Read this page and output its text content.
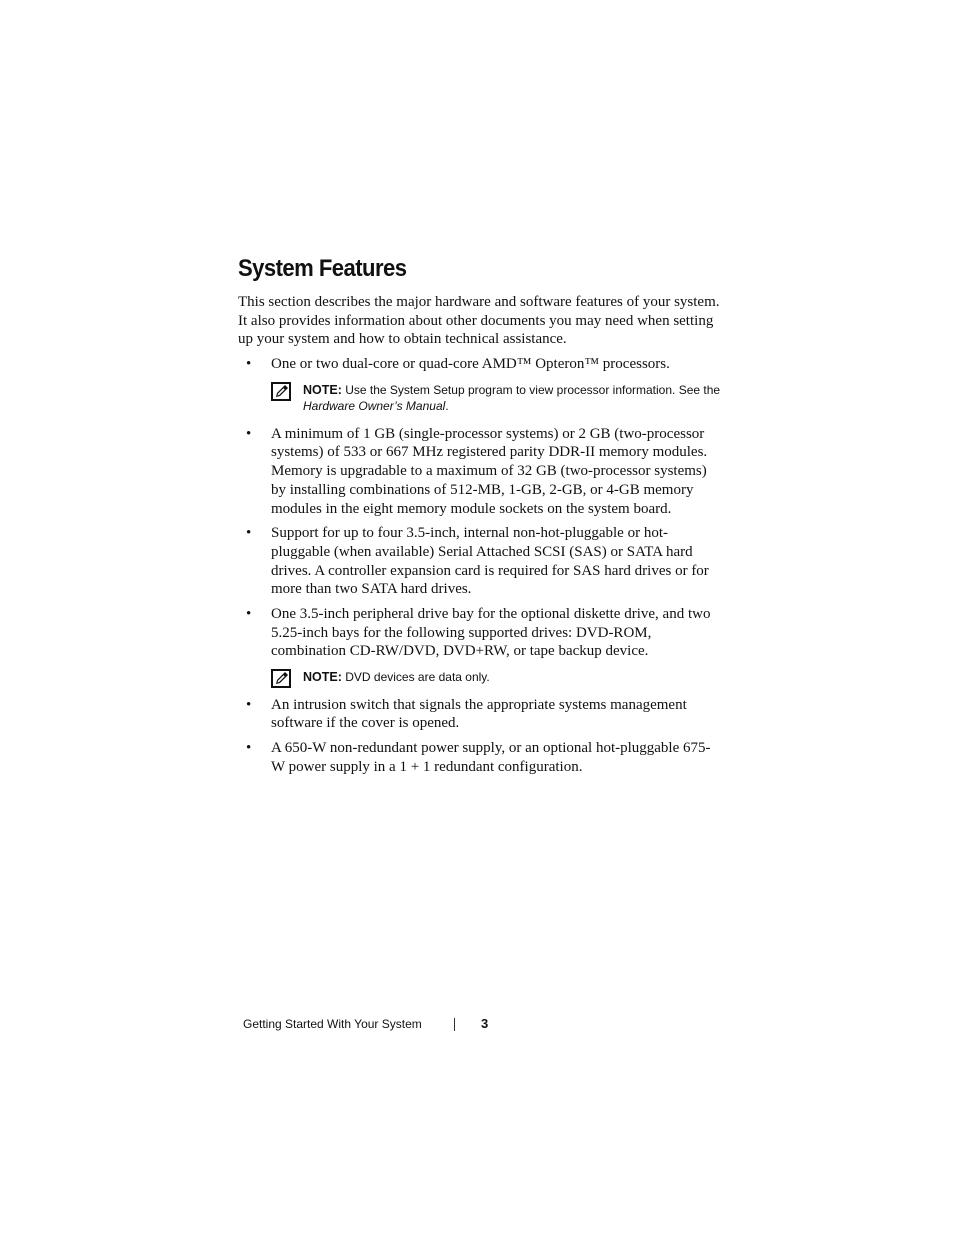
System Features

This section describes the major hardware and software features of your system. It also provides information about other documents you may need when setting up your system and how to obtain technical assistance.

• One or two dual-core or quad-core AMD™ Opteron™ processors.
NOTE: Use the System Setup program to view processor information. See the Hardware Owner’s Manual.
• A minimum of 1 GB (single-processor systems) or 2 GB (two-processor systems) of 533 or 667 MHz registered parity DDR-II memory modules. Memory is upgradable to a maximum of 32 GB (two-processor systems) by installing combinations of 512-MB, 1-GB, 2-GB, or 4-GB memory modules in the eight memory module sockets on the system board.
• Support for up to four 3.5-inch, internal non-hot-pluggable or hot-pluggable (when available) Serial Attached SCSI (SAS) or SATA hard drives. A controller expansion card is required for SAS hard drives or for more than two SATA hard drives.
• One 3.5-inch peripheral drive bay for the optional diskette drive, and two 5.25-inch bays for the following supported drives: DVD-ROM, combination CD-RW/DVD, DVD+RW, or tape backup device.
NOTE: DVD devices are data only.
• An intrusion switch that signals the appropriate systems management software if the cover is opened.
• A 650-W non-redundant power supply, or an optional hot-pluggable 675-W power supply in a 1 + 1 redundant configuration.
Getting Started With Your System	3
